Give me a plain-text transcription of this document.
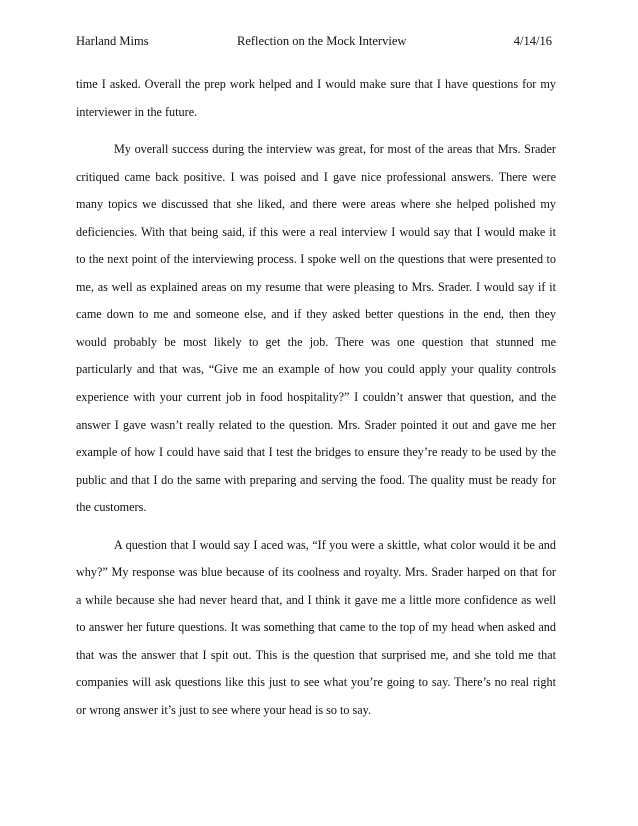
Harland Mims	Reflection on the Mock Interview	4/14/16
time I asked. Overall the prep work helped and I would make sure that I have questions for my
interviewer in the future.
My overall success during the interview was great, for most of the areas that Mrs. Srader
critiqued came back positive. I was poised and I gave nice professional answers. There were
many topics we discussed that she liked, and there were areas where she helped polished my
deficiencies. With that being said, if this were a real interview I would say that I would make it
to the next point of the interviewing process. I spoke well on the questions that were presented to
me, as well as explained areas on my resume that were pleasing to Mrs. Srader. I would say if it
came down to me and someone else, and if they asked better questions in the end, then they
would probably be most likely to get the job. There was one question that stunned me
particularly and that was, “Give me an example of how you could apply your quality controls
experience with your current job in food hospitality?” I couldn’t answer that question, and the
answer I gave wasn’t really related to the question. Mrs. Srader pointed it out and gave me her
example of how I could have said that I test the bridges to ensure they’re ready to be used by the
public and that I do the same with preparing and serving the food. The quality must be ready for
the customers.
A question that I would say I aced was, “If you were a skittle, what color would it be and
why?” My response was blue because of its coolness and royalty. Mrs. Srader harped on that for
a while because she had never heard that, and I think it gave me a little more confidence as well
to answer her future questions. It was something that came to the top of my head when asked and
that was the answer that I spit out. This is the question that surprised me, and she told me that
companies will ask questions like this just to see what you’re going to say. There’s no real right
or wrong answer it’s just to see where your head is so to say.
